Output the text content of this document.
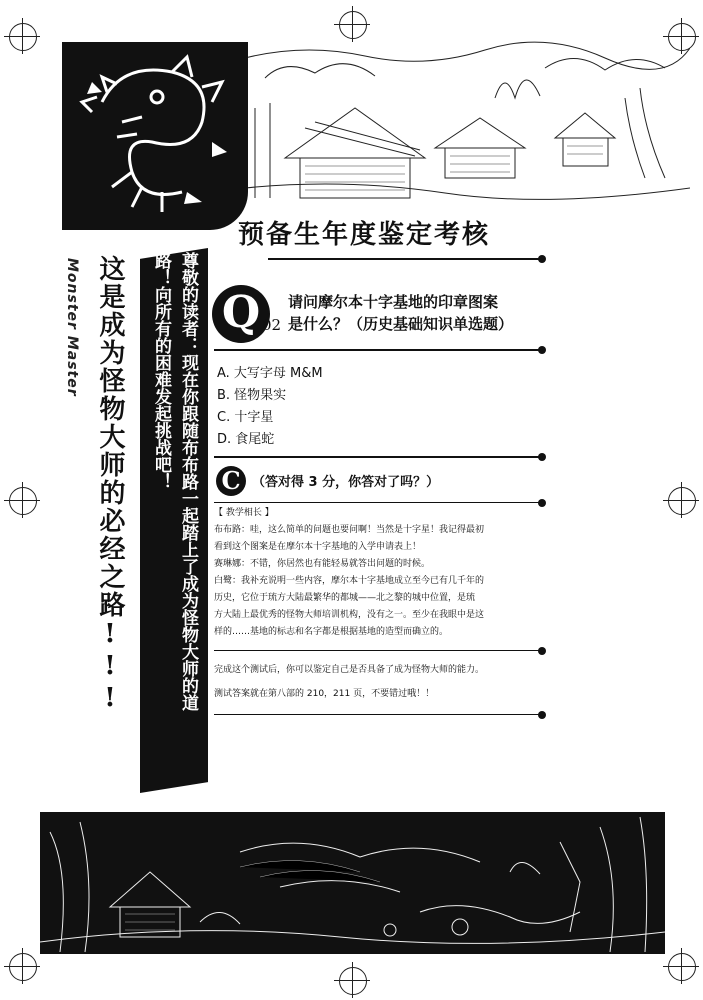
预备生年度鉴定考核
Q 02
请问摩尔本十字基地的印章图案
是什么？（历史基础知识单选题）
A. 大写字母 M&M
B. 怪物果实
C. 十字星
D. 食尾蛇
C （答对得 3 分，你答对了吗？）
【 教学相长 】
布布路：哇，这么简单的问题也要问啊！当然是十字星！我记得最初
看到这个图案是在摩尔本十字基地的入学申请表上！
赛琳娜：不错，你居然也有能轻易就答出问题的时候。
白鹭：我补充说明一些内容，摩尔本十字基地成立至今已有几千年的
历史，它位于琉方大陆最繁华的都城——北之黎的城中位置，是琉
方大陆上最优秀的怪物大师培训机构，没有之一。至少在我眼中是这
样的……基地的标志和名字都是根据基地的造型而确立的。
完成这个测试后，你可以鉴定自己是否具备了成为怪物大师的能力。
测试答案就在第八部的 210，211 页，不要错过哦！！
尊敬的读者：现在你跟随布布路一起踏上了成为怪物大师的道
路！向所有的困难发起挑战吧！
这是成为怪物大师的必经之路!!!
Monster Master
